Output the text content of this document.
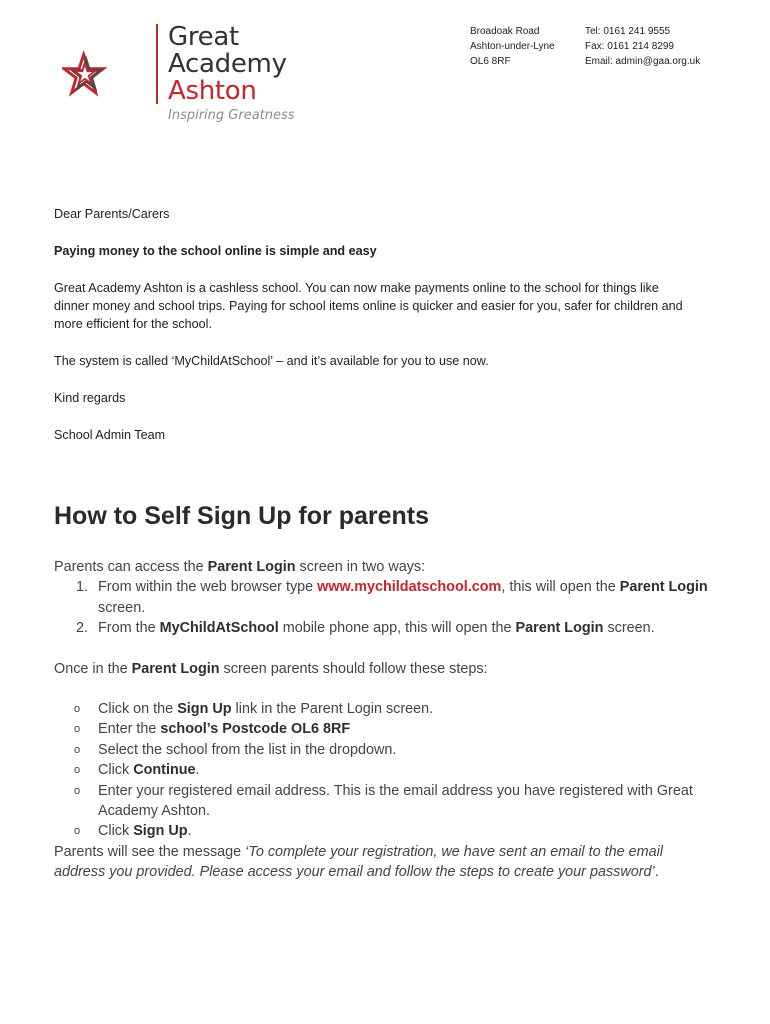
Great
Academy
Ashton
Inspiring Greatness
Broadoak Road
Ashton-under-Lyne
OL6 8RF
Tel: 0161 241 9555
Fax: 0161 214 8299
Email: admin@gaa.org.uk

Dear Parents/Carers

Paying money to the school online is simple and easy

Great Academy Ashton is a cashless school. You can now make payments online to the school for things like dinner money and school trips. Paying for school items online is quicker and easier for you, safer for children and more efficient for the school.

The system is called ‘MyChildAtSchool’ – and it’s available for you to use now.

Kind regards

School Admin Team

How to Self Sign Up for parents
Parents can access the Parent Login screen in two ways:
1. From within the web browser type www.mychildatschool.com, this will open the Parent Login screen.
2. From the MyChildAtSchool mobile phone app, this will open the Parent Login screen.
Once in the Parent Login screen parents should follow these steps:
o Click on the Sign Up link in the Parent Login screen.
o Enter the school’s Postcode OL6 8RF
o Select the school from the list in the dropdown.
o Click Continue.
o Enter your registered email address. This is the email address you have registered with Great Academy Ashton.
o Click Sign Up.
Parents will see the message ‘To complete your registration, we have sent an email to the email address you provided. Please access your email and follow the steps to create your password’.
